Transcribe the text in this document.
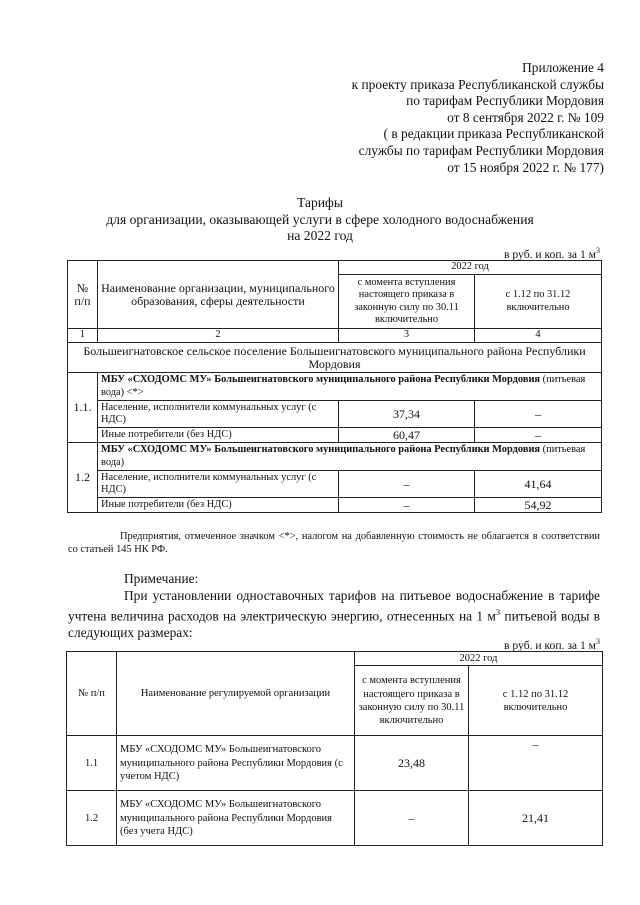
Приложение 4
к проекту приказа Республиканской службы
по тарифам Республики Мордовия
от 8 сентября 2022 г. № 109
( в редакции приказа Республиканской
службы по тарифам Республики Мордовия
от 15 ноября 2022 г. № 177)
Тарифы
для организации, оказывающей услуги в сфере холодного водоснабжения
на 2022 год
в руб. и коп. за 1 $м^3$
№ п/п	Наименование организации, муниципального образования, сферы деятельности	2022 год	
		с момента вступления настоящего приказа в законную силу по 30.11 включительно	с 1.12 по 31.12 включительно
1	2	3	4
Большеигнатовское сельское поселение Большеигнатовского муниципального района Республики Мордовия			
1.1.	МБУ «СХОДОМС МУ» Большеигнатовского муниципального района Республики Мордовия (питьевая вода) <*>		
	Население, исполнители коммунальных услуг (с НДС)	37,34	–
	Иные потребители (без НДС)	60,47	–
1.2	МБУ «СХОДОМС МУ» Большеигнатовского муниципального района Республики Мордовия (питьевая вода)		
	Население, исполнители коммунальных услуг (с НДС)	–	41,64
	Иные потребители (без НДС)	–	54,92
Предприятия, отмеченное значком <*>, налогом на добавленную стоимость не облагается в соответствии со статьей 145 НК РФ.
Примечание:
При установлении одноставочных тарифов на питьевое водоснабжение в тарифе учтена величина расходов на электрическую энергию, отнесенных на 1 $м^3$ питьевой воды в следующих размерах:
в руб. и коп. за 1 $м^3$
№ п/п	Наименование регулируемой организации	2022 год	
		с момента вступления настоящего приказа в законную силу по 30.11 включительно	с 1.12 по 31.12 включительно
1.1	МБУ «СХОДОМС МУ» Большеигнатовского муниципального района Республики Мордовия (с учетом НДС)	23,48	–
1.2	МБУ «СХОДОМС МУ» Большеигнатовского муниципального района Республики Мордовия (без учета НДС)	–	21,41
